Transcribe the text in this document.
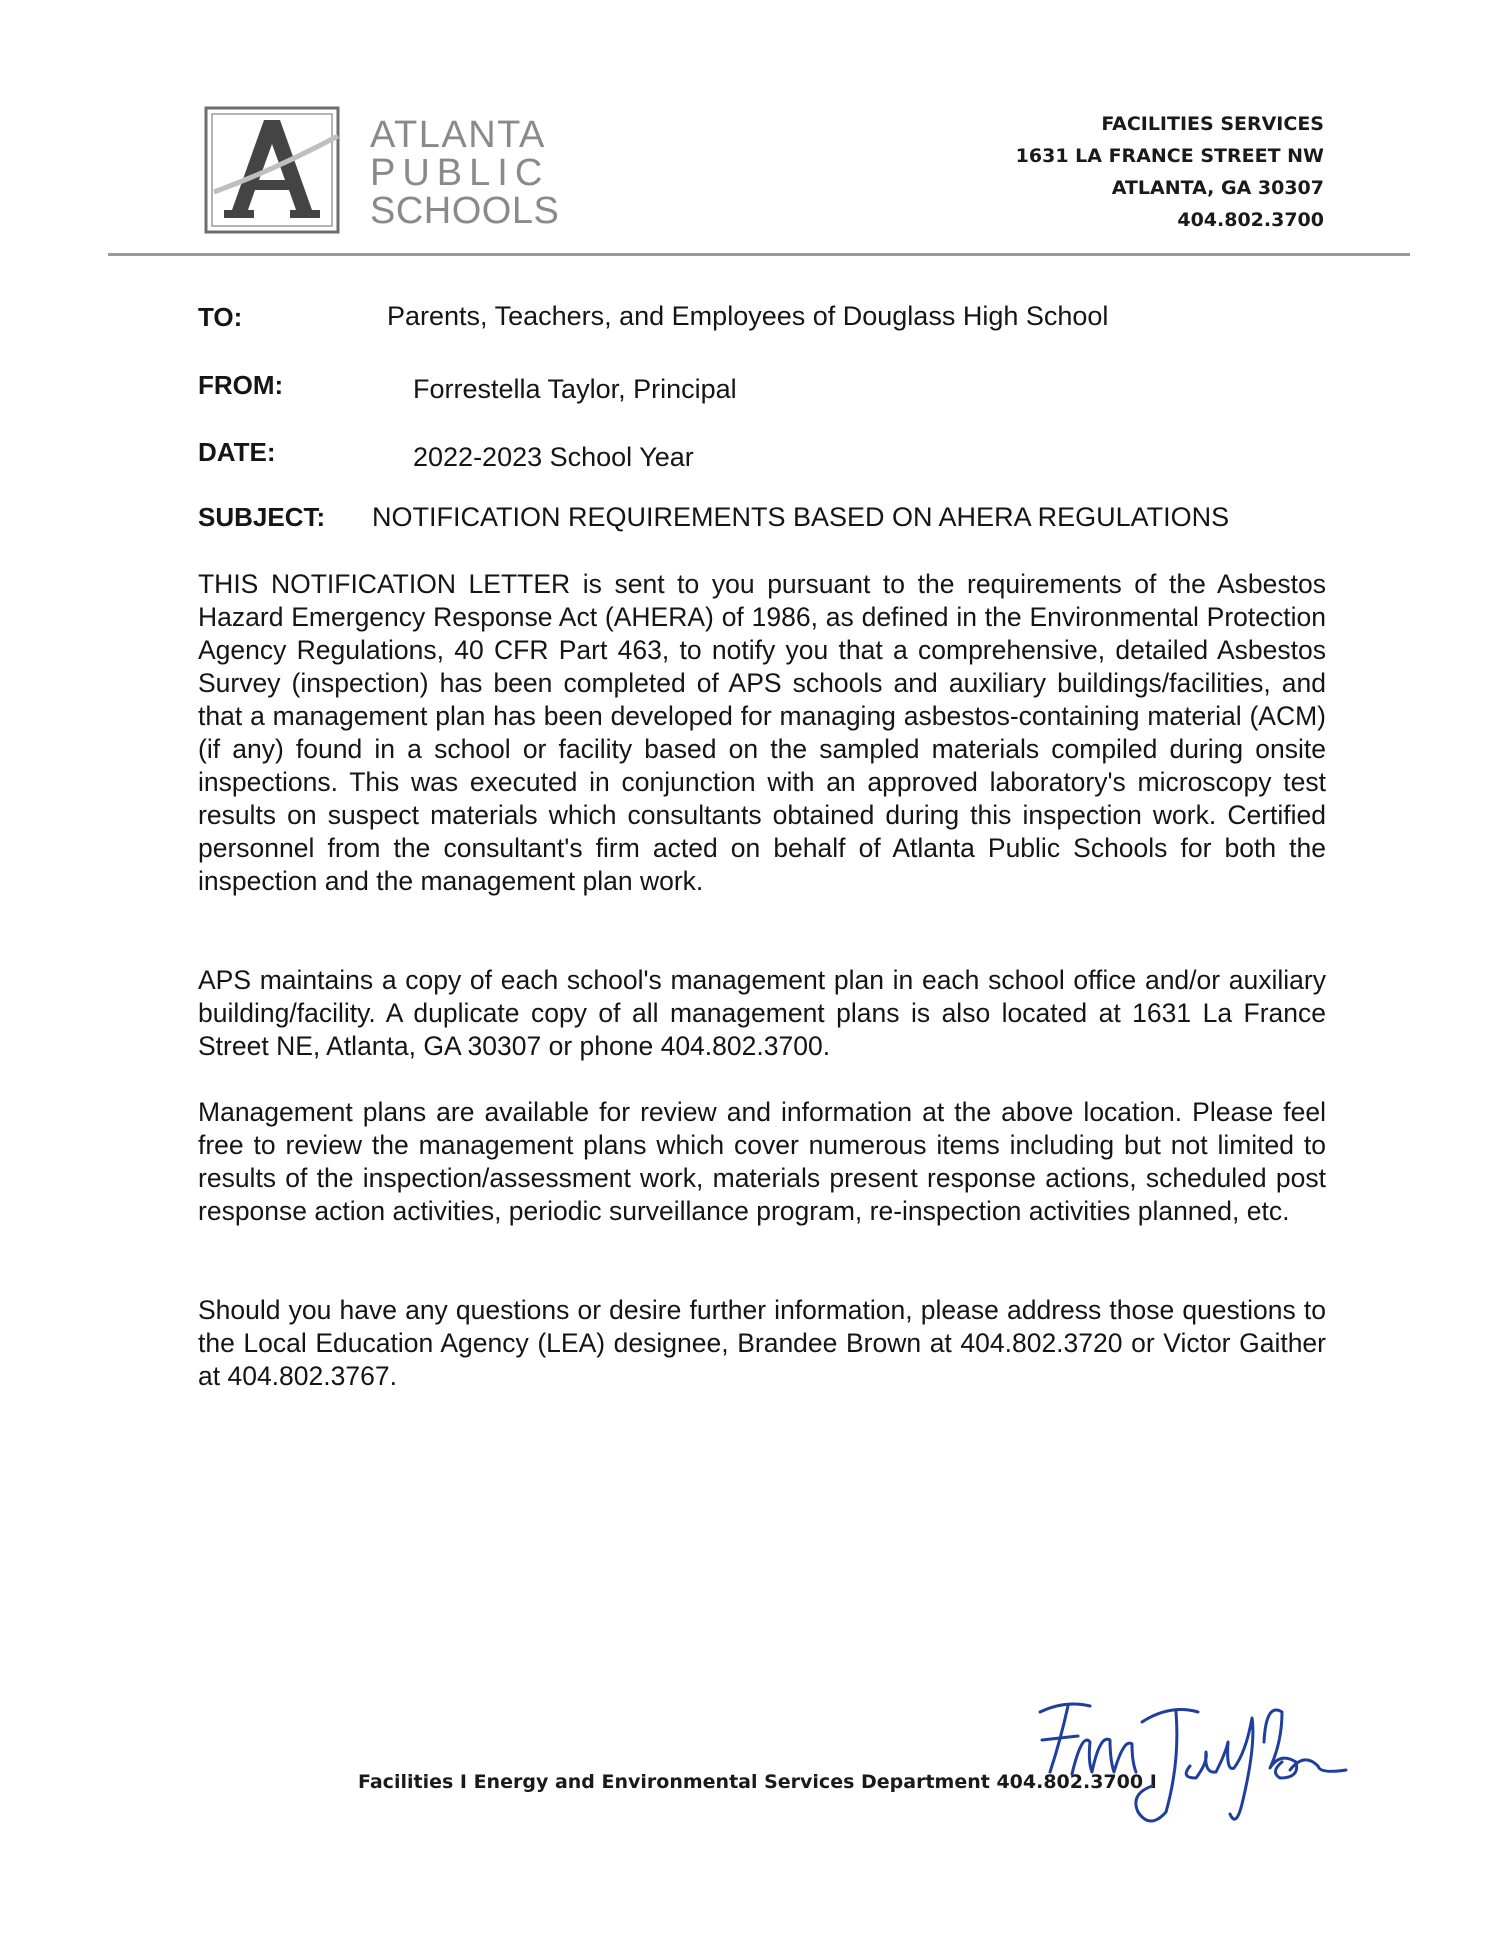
ATLANTA
PUBLIC
SCHOOLS
FACILITIES SERVICES
1631 LA FRANCE STREET NW
ATLANTA, GA 30307
404.802.3700
TO:	Parents, Teachers, and Employees of Douglass High School
FROM:	Forrestella Taylor, Principal
DATE:	2022-2023 School Year
SUBJECT: NOTIFICATION REQUIREMENTS BASED ON AHERA REGULATIONS
THIS NOTIFICATION LETTER is sent to you pursuant to the requirements of the Asbestos Hazard Emergency Response Act (AHERA) of 1986, as defined in the Environmental Protection Agency Regulations, 40 CFR Part 463, to notify you that a comprehensive, detailed Asbestos Survey (inspection) has been completed of APS schools and auxiliary buildings/facilities, and that a management plan has been developed for managing asbestos-containing material (ACM) (if any) found in a school or facility based on the sampled materials compiled during onsite inspections. This was executed in conjunction with an approved laboratory's microscopy test results on suspect materials which consultants obtained during this inspection work. Certified personnel from the consultant's firm acted on behalf of Atlanta Public Schools for both the inspection and the management plan work.
APS maintains a copy of each school's management plan in each school office and/or auxiliary building/facility. A duplicate copy of all management plans is also located at 1631 La France Street NE, Atlanta, GA 30307 or phone 404.802.3700.
Management plans are available for review and information at the above location. Please feel free to review the management plans which cover numerous items including but not limited to results of the inspection/assessment work, materials present response actions, scheduled post response action activities, periodic surveillance program, re-inspection activities planned, etc.
Should you have any questions or desire further information, please address those questions to the Local Education Agency (LEA) designee, Brandee Brown at 404.802.3720 or Victor Gaither at 404.802.3767.
Facilities I Energy and Environmental Services Department 404.802.3700 I
